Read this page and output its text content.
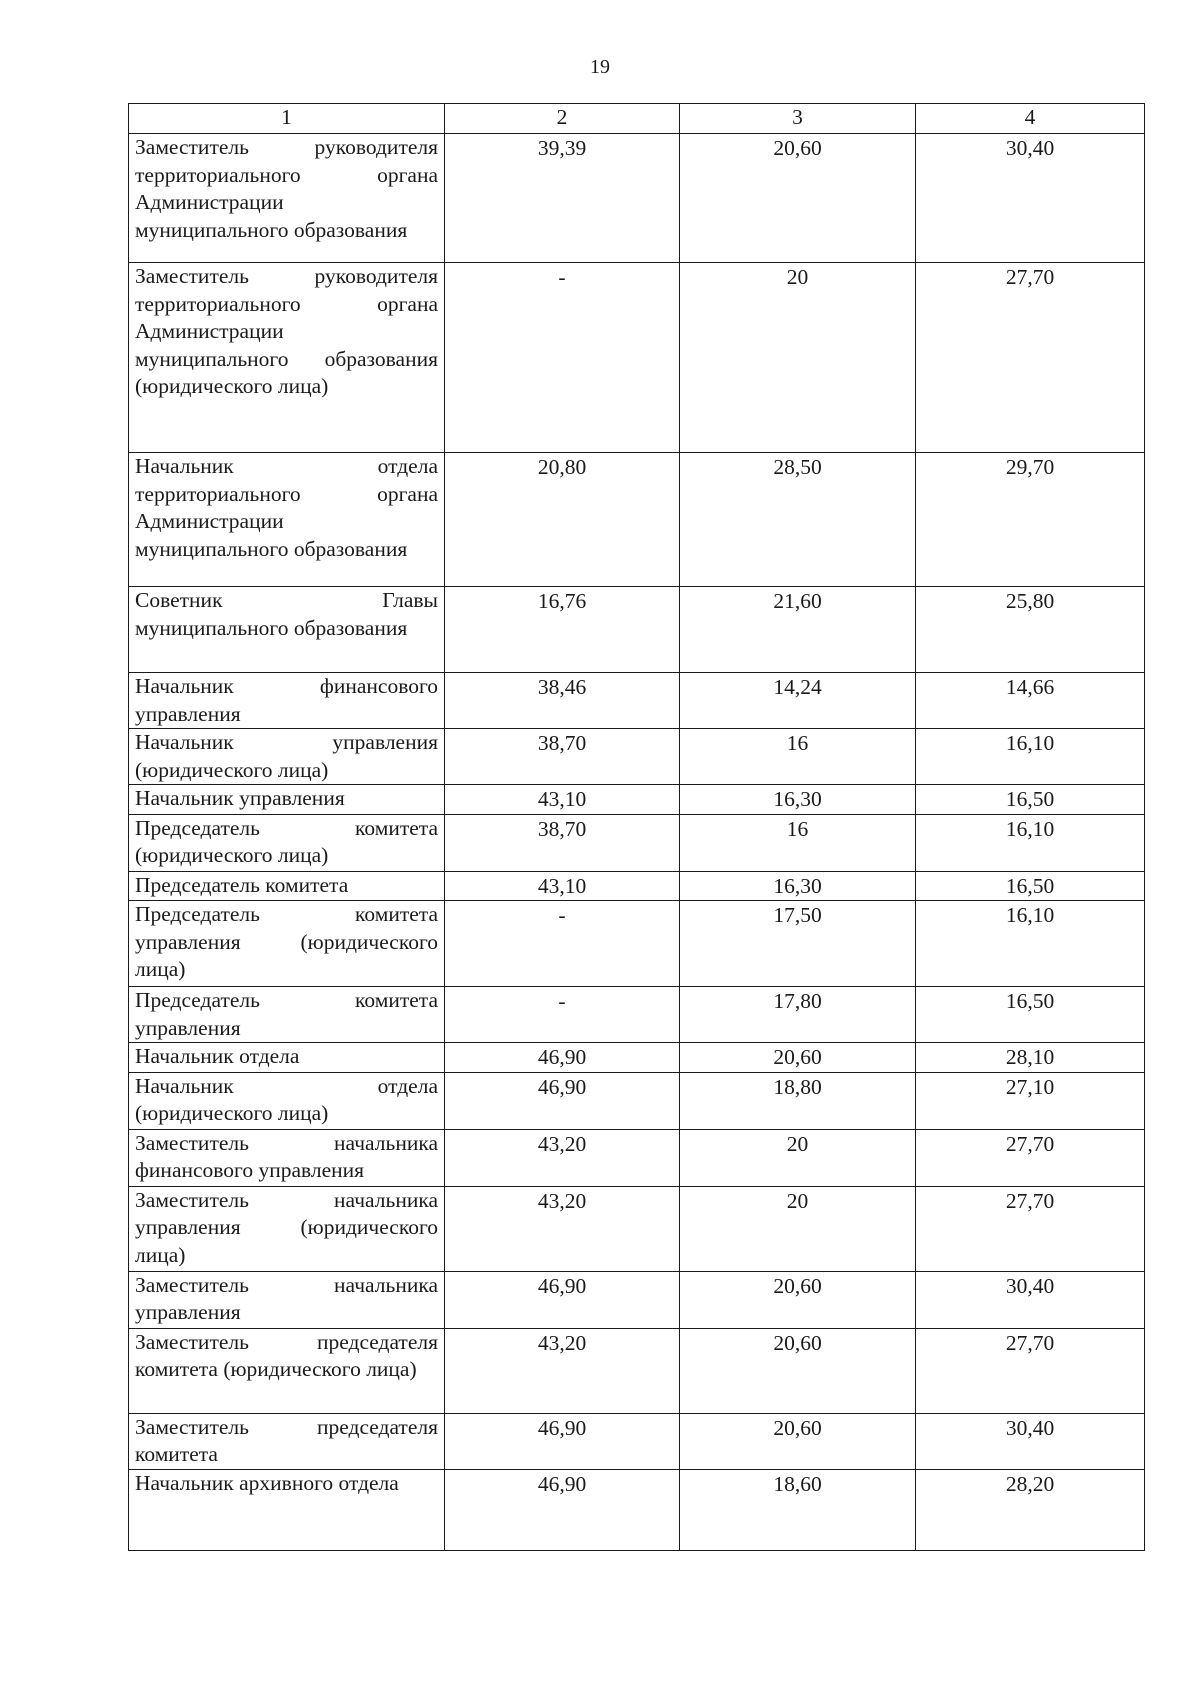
19
1	2	3	4
Заместитель руководителя территориального органа Администрации муниципального образования	39,39	20,60	30,40
Заместитель руководителя территориального органа Администрации муниципального образования (юридического лица)	-	20	27,70
Начальник отдела территориального органа Администрации муниципального образования	20,80	28,50	29,70
Советник Главы муниципального образования	16,76	21,60	25,80
Начальник финансового управления	38,46	14,24	14,66
Начальник управления (юридического лица)	38,70	16	16,10
Начальник управления	43,10	16,30	16,50
Председатель комитета (юридического лица)	38,70	16	16,10
Председатель комитета	43,10	16,30	16,50
Председатель комитета управления (юридического лица)	-	17,50	16,10
Председатель комитета управления	-	17,80	16,50
Начальник отдела	46,90	20,60	28,10
Начальник отдела (юридического лица)	46,90	18,80	27,10
Заместитель начальника финансового управления	43,20	20	27,70
Заместитель начальника управления (юридического лица)	43,20	20	27,70
Заместитель начальника управления	46,90	20,60	30,40
Заместитель председателя комитета (юридического лица)	43,20	20,60	27,70
Заместитель председателя комитета	46,90	20,60	30,40
Начальник архивного отдела	46,90	18,60	28,20
